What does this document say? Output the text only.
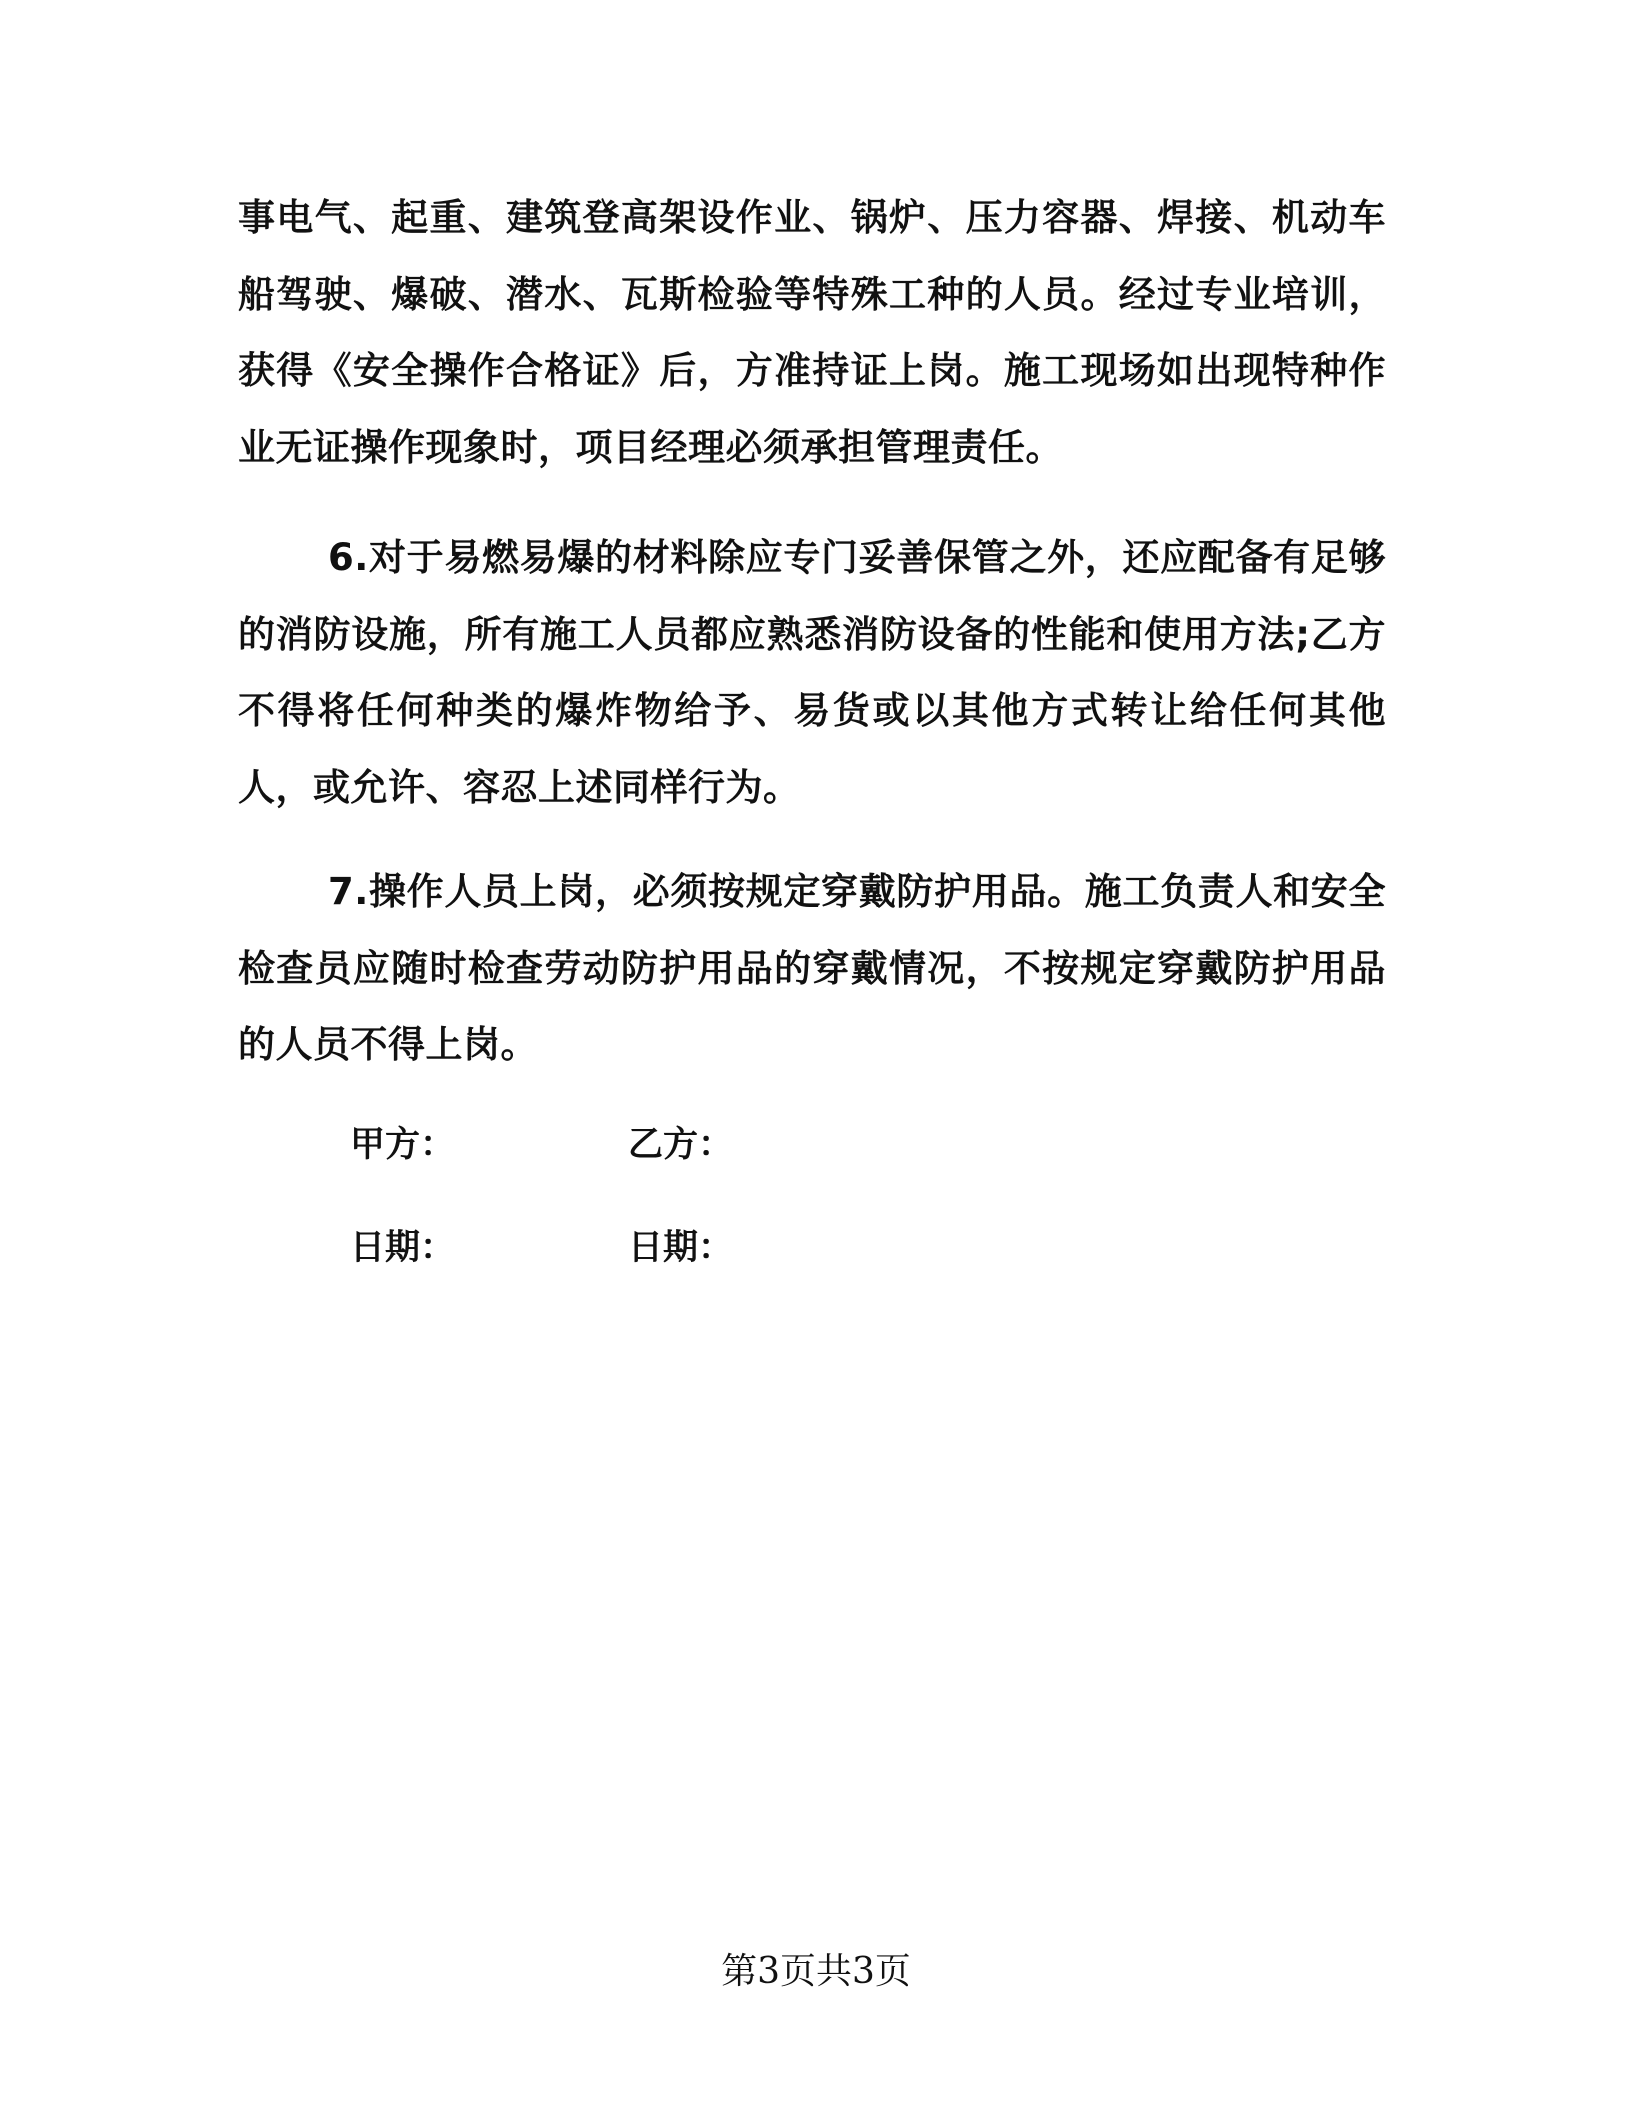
事电气、起重、建筑登高架设作业、锅炉、压力容器、焊接、机动车船驾驶、爆破、潜水、瓦斯检验等特殊工种的人员。经过专业培训，获得《安全操作合格证》后，方准持证上岗。施工现场如出现特种作业无证操作现象时，项目经理必须承担管理责任。

6.对于易燃易爆的材料除应专门妥善保管之外，还应配备有足够的消防设施，所有施工人员都应熟悉消防设备的性能和使用方法;乙方不得将任何种类的爆炸物给予、易货或以其他方式转让给任何其他人，或允许、容忍上述同样行为。

7.操作人员上岗，必须按规定穿戴防护用品。施工负责人和安全检查员应随时检查劳动防护用品的穿戴情况，不按规定穿戴防护用品的人员不得上岗。

甲方：	乙方：
日期：	日期：
第3页共3页
